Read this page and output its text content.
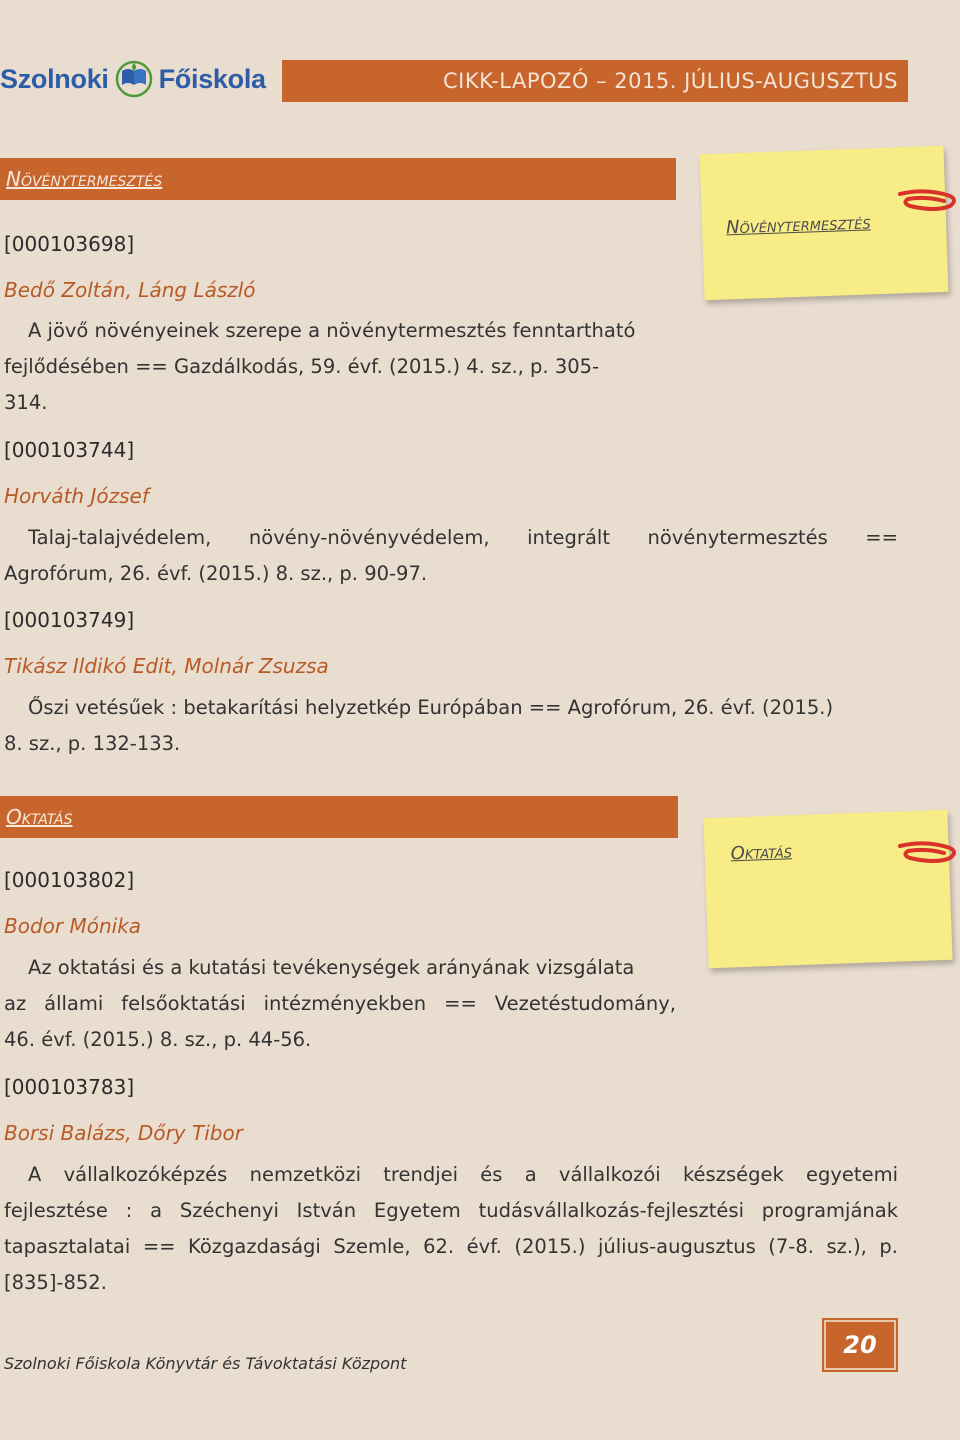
Szolnoki Főiskola	CIKK-LAPOZÓ – 2015. JÚLIUS-AUGUSZTUS
Növénytermesztés
Növénytermesztés
[000103698]
Bedő Zoltán, Láng László
A jövő növényeinek szerepe a növénytermesztés fenntartható
fejlődésében == Gazdálkodás, 59. évf. (2015.) 4. sz., p. 305-
314.
[000103744]
Horváth József
Talaj-talajvédelem, növény-növényvédelem, integrált növénytermesztés ==
Agrofórum, 26. évf. (2015.) 8. sz., p. 90-97.
[000103749]
Tikász Ildikó Edit, Molnár Zsuzsa
Őszi vetésűek : betakarítási helyzetkép Európában == Agrofórum, 26. évf. (2015.)
8. sz., p. 132-133.
Oktatás
Oktatás
[000103802]
Bodor Mónika
Az oktatási és a kutatási tevékenységek arányának vizsgálata
az állami felsőoktatási intézményekben == Vezetéstudomány,
46. évf. (2015.) 8. sz., p. 44-56.
[000103783]
Borsi Balázs, Dőry Tibor
A vállalkozóképzés nemzetközi trendjei és a vállalkozói készségek egyetemi
fejlesztése : a Széchenyi István Egyetem tudásvállalkozás-fejlesztési programjának
tapasztalatai == Közgazdasági Szemle, 62. évf. (2015.) július-augusztus (7-8. sz.), p.
[835]-852.
Szolnoki Főiskola Könyvtár és Távoktatási Központ
20
